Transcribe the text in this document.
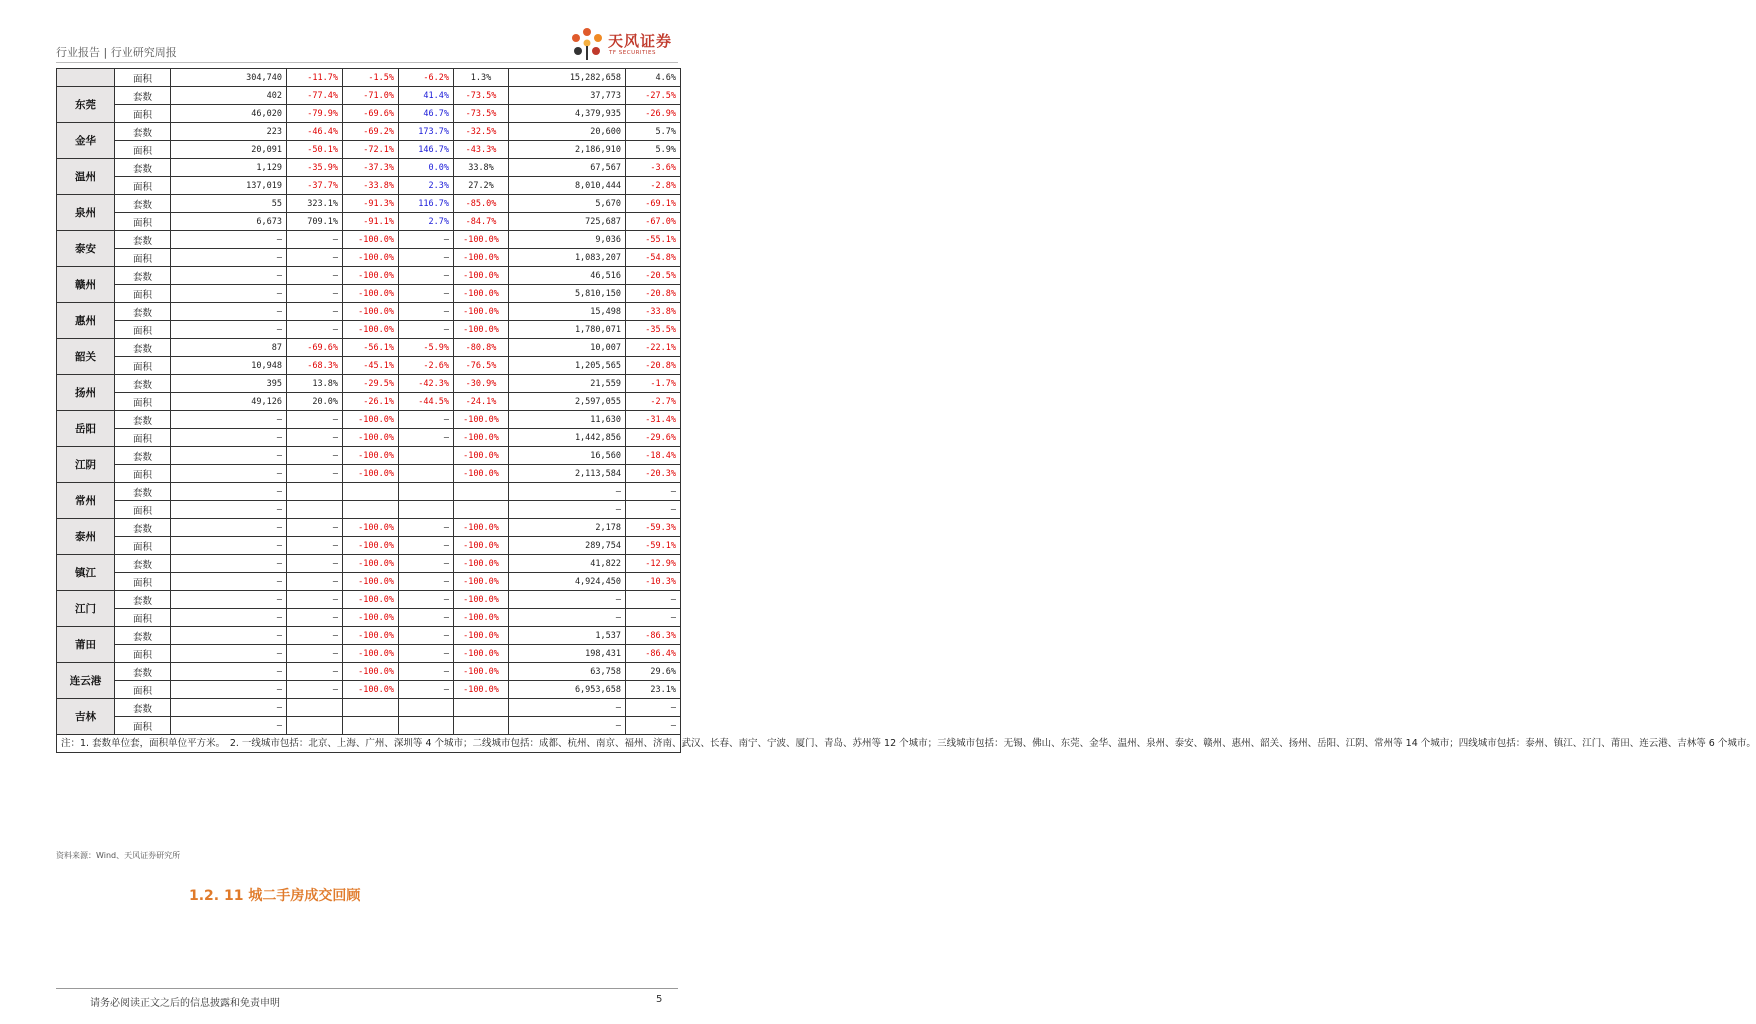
行业报告 | 行业研究周报
天风证券
TF SECURITIES
	面积	304,740	-11.7%	-1.5%	-6.2%	1.3%	15,282,658	4.6%
东莞	套数	402	-77.4%	-71.0%	41.4%	-73.5%	37,773	-27.5%
	面积	46,020	-79.9%	-69.6%	46.7%	-73.5%	4,379,935	-26.9%
金华	套数	223	-46.4%	-69.2%	173.7%	-32.5%	20,600	5.7%
	面积	20,091	-50.1%	-72.1%	146.7%	-43.3%	2,186,910	5.9%
温州	套数	1,129	-35.9%	-37.3%	0.0%	33.8%	67,567	-3.6%
	面积	137,019	-37.7%	-33.8%	2.3%	27.2%	8,010,444	-2.8%
泉州	套数	55	323.1%	-91.3%	116.7%	-85.0%	5,670	-69.1%
	面积	6,673	709.1%	-91.1%	2.7%	-84.7%	725,687	-67.0%
泰安	套数	–	–	-100.0%	–	-100.0%	9,036	-55.1%
	面积	–	–	-100.0%	–	-100.0%	1,083,207	-54.8%
赣州	套数	–	–	-100.0%	–	-100.0%	46,516	-20.5%
	面积	–	–	-100.0%	–	-100.0%	5,810,150	-20.8%
惠州	套数	–	–	-100.0%	–	-100.0%	15,498	-33.8%
	面积	–	–	-100.0%	–	-100.0%	1,780,071	-35.5%
韶关	套数	87	-69.6%	-56.1%	-5.9%	-80.8%	10,007	-22.1%
	面积	10,948	-68.3%	-45.1%	-2.6%	-76.5%	1,205,565	-20.8%
扬州	套数	395	13.8%	-29.5%	-42.3%	-30.9%	21,559	-1.7%
	面积	49,126	20.0%	-26.1%	-44.5%	-24.1%	2,597,055	-2.7%
岳阳	套数	–	–	-100.0%	–	-100.0%	11,630	-31.4%
	面积	–	–	-100.0%	–	-100.0%	1,442,856	-29.6%
江阴	套数	–	–	-100.0%		-100.0%	16,560	-18.4%
	面积	–	–	-100.0%		-100.0%	2,113,584	-20.3%
常州	套数	–					–	–
	面积	–					–	–
泰州	套数	–	–	-100.0%	–	-100.0%	2,178	-59.3%
	面积	–	–	-100.0%	–	-100.0%	289,754	-59.1%
镇江	套数	–	–	-100.0%	–	-100.0%	41,822	-12.9%
	面积	–	–	-100.0%	–	-100.0%	4,924,450	-10.3%
江门	套数	–	–	-100.0%	–	-100.0%	–	–
	面积	–	–	-100.0%	–	-100.0%	–	–
莆田	套数	–	–	-100.0%	–	-100.0%	1,537	-86.3%
	面积	–	–	-100.0%	–	-100.0%	198,431	-86.4%
连云港	套数	–	–	-100.0%	–	-100.0%	63,758	29.6%
	面积	–	–	-100.0%	–	-100.0%	6,953,658	23.1%
吉林	套数	–					–	–
	面积	–					–	–
注：1. 套数单位套，面积单位平方米。　2. 一线城市包括：北京、上海、广州、深圳等 4 个城市；二线城市包括：成都、杭州、南京、福州、济南、武汉、长春、南宁、宁波、厦门、青岛、苏州等 12 个城市；三线城市包括：无锡、佛山、东莞、金华、温州、泉州、泰安、赣州、惠州、韶关、扬州、岳阳、江阴、常州等 14 个城市；四线城市包括：泰州、镇江、江门、莆田、连云港、吉林等 6 个城市。								
资料来源：Wind、天风证券研究所
1.2. 11 城二手房成交回顾
请务必阅读正文之后的信息披露和免责申明	5
